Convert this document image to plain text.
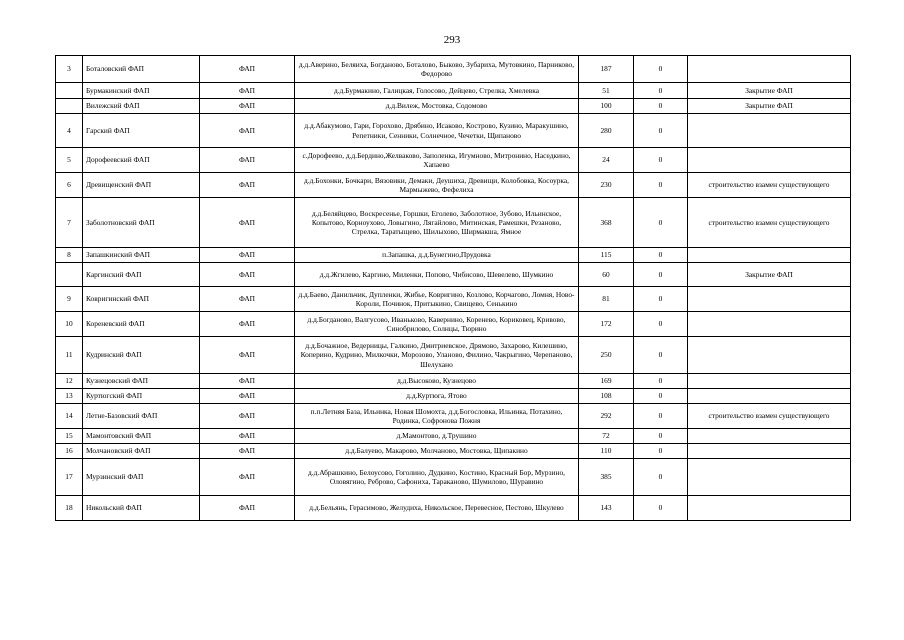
293
3	Боталовский ФАП	ФАП	д.д.Аверино, Беляиха, Богданово, Боталово, Быково, Зубариха, Мутовкино, Парниково, Федорово	187	0	
	Бурмакинский ФАП	ФАП	д.д.Бурмакино, Галицкая, Голосово, Дейцево, Стрелка, Хмелевка	51	0	Закрытие ФАП
	Вилежский ФАП	ФАП	д.д.Вилеж, Мостовка, Содомово	100	0	Закрытие ФАП
4	Гарский ФАП	ФАП	д.д.Абакумово, Гари, Горохово, Дрябино, Исаково, Кострово, Кузино, Маракушино, Репетники, Сенники, Солнечное, Чечетки, Щипаново	280	0	
5	Дорофеевский ФАП	ФАП	с.Дорофеево, д.д.Бердино,Желваково, Заполенка, Игумново, Митронино, Наседкино, Хапаево	24	0	
6	Древищенский ФАП	ФАП	д.д.Бохонки, Бочкари, Вязовики, Демаки, Деушиха, Древищи, Колобовка, Косоурка, Мармыжево, Фефелиха	230	0	строительство взамен существующего
7	Заболотновский ФАП	ФАП	д.д.Беляйцево, Воскресенье, Горшки, Еголево, Заболотное, Зубово, Ильинское, Копытово, Корноухово, Ловыгино, Лягайлово, Митинская, Рамешки, Резаново, Стрелка, Таратыщево, Шилыхово, Ширмакша, Ямное	368	0	строительство взамен существующего
8	Запашкинский ФАП	ФАП	п.Запашка, д.д.Бунегино,Прудовка	115	0	
	Каргинский ФАП	ФАП	д.д.Жгилево, Каргино, Миленки, Попово, Чибисово, Шевелево, Шумкино	60	0	Закрытие ФАП
9	Ковригинский ФАП	ФАП	д.д.Баево, Данильчик, Дупленки, Жибье, Ковригино, Козлово, Корчагово, Ломня, Ново-Короли, Починок, Притыкино, Свищево, Сенькино	81	0	
10	Кореневский ФАП	ФАП	д.д.Богданово, Валгусово, Иваньково, Кавернино, Коренево, Кориковец, Кривово, Синобрилово, Солнцы, Тюрино	172	0	
11	Кудринский ФАП	ФАП	д.д.Бочажное, Ведерницы, Галкино, Дмитриевское, Дрямово, Захарово, Килешино, Коперино, Кудрино, Милкочки, Морозово, Уланово, Филино, Чакрыгино, Черепаново, Шелухано	250	0	
12	Кузнецовский ФАП	ФАП	д.д.Высоково, Кузнецово	169	0	
13	Куртюгский ФАП	ФАП	д.д.Куртюга, Ятово	108	0	
14	Летне-Базовский ФАП	ФАП	п.п.Летняя База, Ильинка, Новая Шомохта, д.д.Богословка, Ильинка, Потахино, Родинка, Софронова Пожня	292	0	строительство взамен существующего
15	Мамонтовский ФАП	ФАП	д.Мамонтово, д.Трушино	72	0	
16	Молчановский ФАП	ФАП	д.д.Балуево, Макарово, Молчаново, Мостовка, Щипакино	110	0	
17	Мурзинский ФАП	ФАП	д.д.Абрашкино, Белоусово, Гоголино, Дудкино, Костино, Красный Бор, Мурзино, Оловягино, Реброво, Сафониха, Тараканово, Шумилово, Шуравино	385	0	
18	Никольский ФАП	ФАП	д.д.Бельянь, Герасимово, Желудиха, Никольское, Перевесное, Пестово, Шкулево	143	0	
